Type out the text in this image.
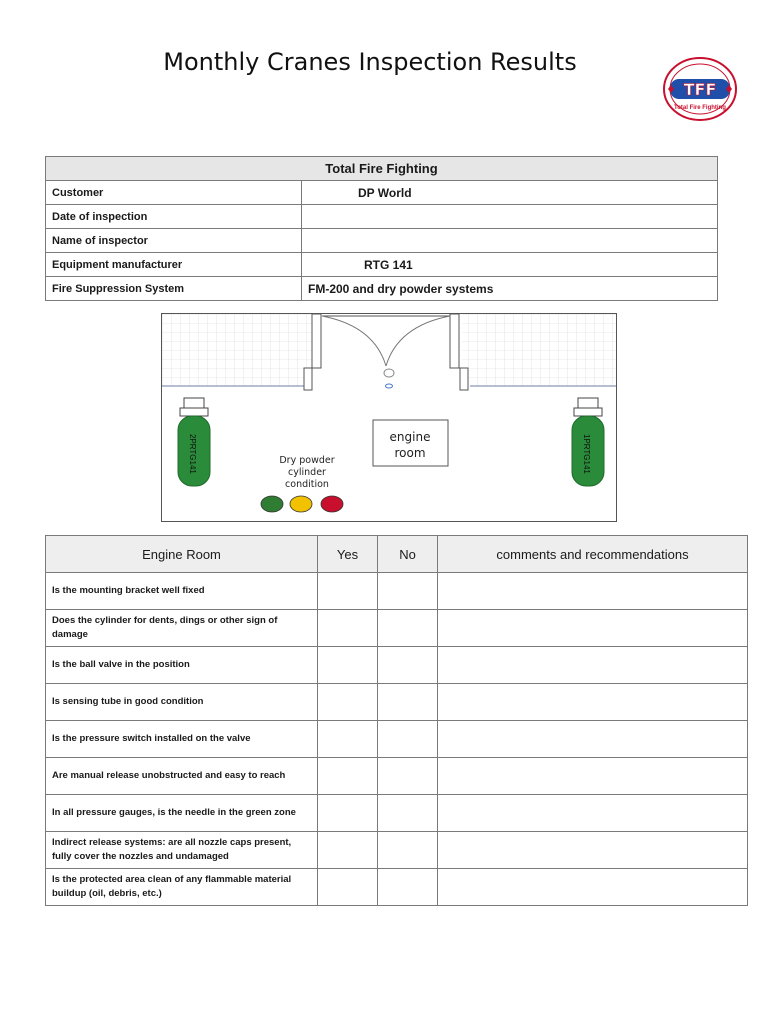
Monthly Cranes Inspection Results
TFF
Total Fire Fighting
Total Fire Fighting	
Customer	DP World
Date of inspection	
Name of inspector	
Equipment manufacturer	RTG 141
Fire Suppression System	FM-200 and dry powder systems
2PRTG141	1PRTG141
engine
room
Dry powder
cylinder
condition
Engine Room	Yes	No	comments and recommendations
Is the mounting bracket well fixed			
Does the cylinder for dents, dings or other sign of damage			
Is the ball valve in the position			
Is sensing tube in good condition			
Is the pressure switch installed on the valve			
Are manual release unobstructed and easy to reach			
In all pressure gauges, is the needle in the green zone			
Indirect release systems: are all nozzle caps present, fully cover the nozzles and undamaged			
Is the protected area clean of any flammable material buildup (oil, debris, etc.)			
